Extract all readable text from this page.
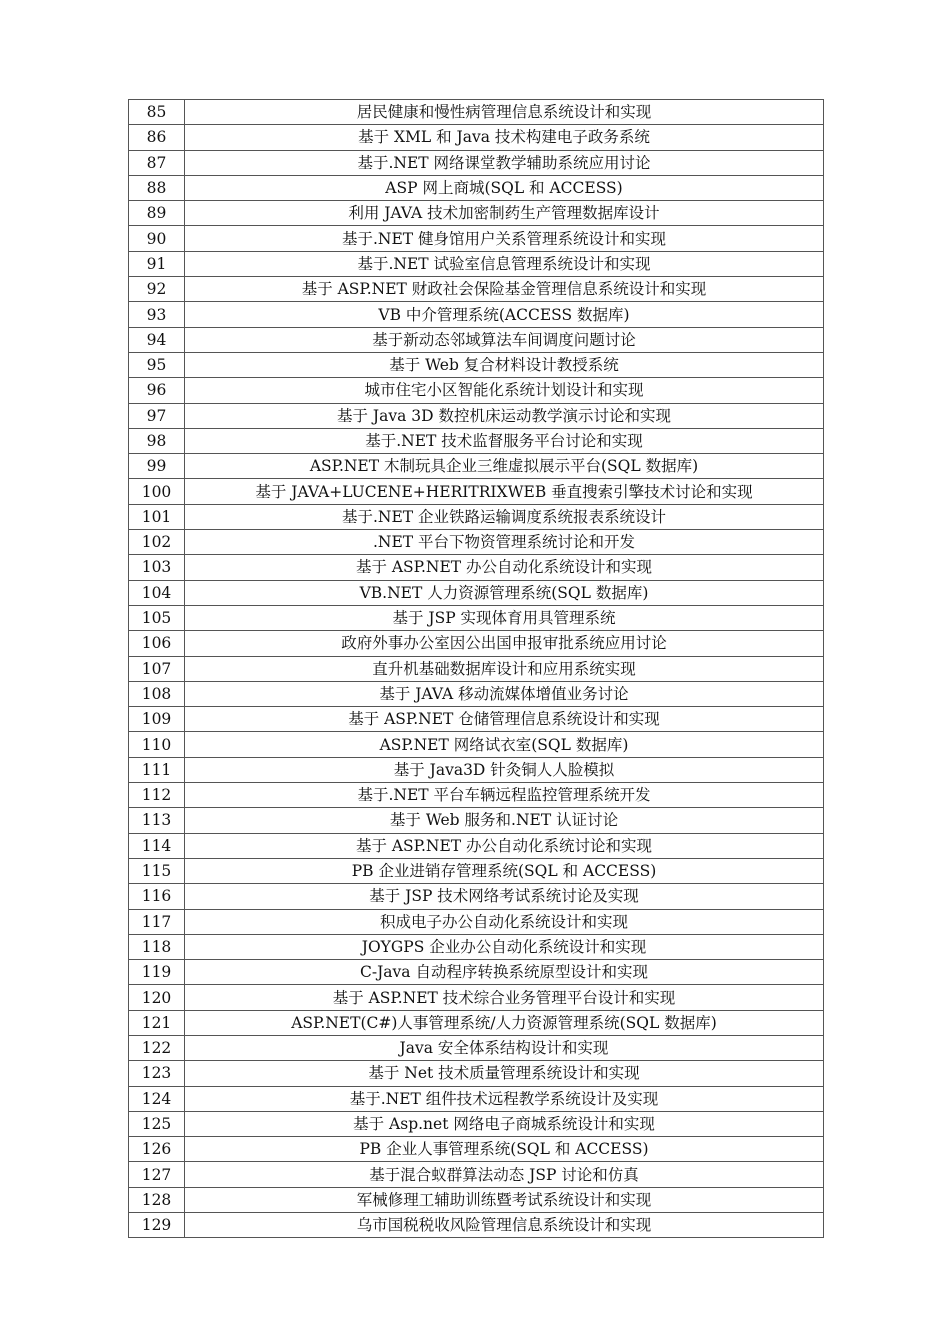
85	居民健康和慢性病管理信息系统设计和实现
86	基于 XML 和 Java 技术构建电子政务系统
87	基于.NET 网络课堂教学辅助系统应用讨论
88	ASP 网上商城(SQL 和 ACCESS)
89	利用 JAVA 技术加密制药生产管理数据库设计
90	基于.NET 健身馆用户关系管理系统设计和实现
91	基于.NET 试验室信息管理系统设计和实现
92	基于 ASP.NET 财政社会保险基金管理信息系统设计和实现
93	VB 中介管理系统(ACCESS 数据库)
94	基于新动态邻域算法车间调度问题讨论
95	基于 Web 复合材料设计教授系统
96	城市住宅小区智能化系统计划设计和实现
97	基于 Java 3D 数控机床运动教学演示讨论和实现
98	基于.NET 技术监督服务平台讨论和实现
99	ASP.NET 木制玩具企业三维虚拟展示平台(SQL 数据库)
100	基于 JAVA+LUCENE+HERITRIXWEB 垂直搜索引擎技术讨论和实现
101	基于.NET 企业铁路运输调度系统报表系统设计
102	.NET 平台下物资管理系统讨论和开发
103	基于 ASP.NET 办公自动化系统设计和实现
104	VB.NET 人力资源管理系统(SQL 数据库)
105	基于 JSP 实现体育用具管理系统
106	政府外事办公室因公出国申报审批系统应用讨论
107	直升机基础数据库设计和应用系统实现
108	基于 JAVA 移动流媒体增值业务讨论
109	基于 ASP.NET 仓储管理信息系统设计和实现
110	ASP.NET 网络试衣室(SQL 数据库)
111	基于 Java3D 针灸铜人人脸模拟
112	基于.NET 平台车辆远程监控管理系统开发
113	基于 Web 服务和.NET 认证讨论
114	基于 ASP.NET 办公自动化系统讨论和实现
115	PB 企业进销存管理系统(SQL 和 ACCESS)
116	基于 JSP 技术网络考试系统讨论及实现
117	积成电子办公自动化系统设计和实现
118	JOYGPS 企业办公自动化系统设计和实现
119	C-Java 自动程序转换系统原型设计和实现
120	基于 ASP.NET 技术综合业务管理平台设计和实现
121	ASP.NET(C#)人事管理系统/人力资源管理系统(SQL 数据库)
122	Java 安全体系结构设计和实现
123	基于 Net 技术质量管理系统设计和实现
124	基于.NET 组件技术远程教学系统设计及实现
125	基于 Asp.net 网络电子商城系统设计和实现
126	PB 企业人事管理系统(SQL 和 ACCESS)
127	基于混合蚁群算法动态 JSP 讨论和仿真
128	军械修理工辅助训练暨考试系统设计和实现
129	乌市国税税收风险管理信息系统设计和实现
